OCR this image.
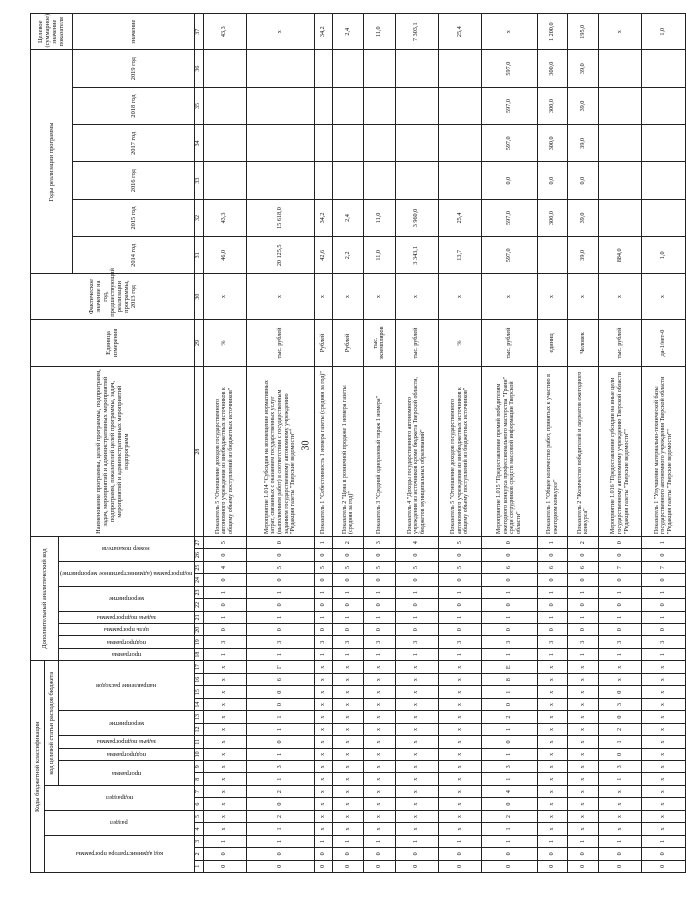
30
Коды бюджетной классификации																	Дополнительный аналитический код										Наименование программы, целей программы, подпрограмм, задач, мероприятий и административных мероприятий подпрограмм, показателей целей программы, задач, мероприятий и административных мероприятий подпрограмм	Единица измерения	Фактическое значение на год, предшествующий реализации программы, 2013 год	Годы реализации программы						Целевое (суммарное) значение показателя

код администратора программы			раздел		подраздел		код целевой статьи расходов бюджета																													

							программа		подпрограмма	задача подпрограммы	мероприятие		направление расходов				программа	подпрограмма	цель программы	задача подпрограммы	мероприятие		подпрограмма (административное мероприятие)		номер показателя											

																														2014 год	2015 год	2016 год	2017 год	2018 год	2019 год	значение
1	2	3	4	5	6	7	8	9	10	11	12	13	14	15	16	17	18	19	20	21	22	23	24	25	26	27	28	29	30	31	32	33	34	35	36	37
0	0	1	x	x	x	x	x	x	x	x	x	x	x	x	x	x	1	3	0	1	0	1	0	4	0	5	Показатель 5 "Отношение доходов государственного автономного учреждения из внебюджетных источников к общему объему поступлений из бюджетных источников"	%	x	46,0	43,3					43,3
0	0	1	1	2	0	2	1	3	1	0	1	1	0	0	6	Г	1	3	0	1	0	1	0	5	0	0	Мероприятие 1.014 "Субсидия на возмещение нормативных затрат, связанных с оказанием государственных услуг (выполнением работ) в соответствии с государственным заданием государственному автономному учреждению "Редакция газеты "Тверские ведомости""	тыс. рублей	x	20 125,5	15 618,0					x
0	0	1	x	x	x	x	x	x	x	x	x	x	x	x	x	x	1	3	0	1	0	1	0	5	0	1	Показатель 1 "Себестоимость 1 номера газеты (средняя за год)"	Рублей	x	42,6	34,2					34,2
0	0	1	x	x	x	x	x	x	x	x	x	x	x	x	x	x	1	3	0	1	0	1	0	5	0	2	Показатель 2 "Цена в розничной продаже 1 номера газеты (средняя за год)"	Рублей	x	2,2	2,4					2,4
0	0	1	x	x	x	x	x	x	x	x	x	x	x	x	x	x	1	3	0	1	0	1	0	5	0	3	Показатель 3 "Средний одноразовый тираж 1 номера"	тыс. экземпляров	x	11,0	11,0					11,0
0	0	1	x	x	x	x	x	x	x	x	x	x	x	x	x	x	1	3	0	1	0	1	0	5	0	4	Показатель 4 "Доходы государственного автономного учреждения из источников кроме бюджета Тверской области, бюджетов муниципальных образований"	тыс. рублей	x	3 343,1	3 960,0					7 303,1
0	0	1	x	x	x	x	x	x	x	x	x	x	x	x	x	x	1	3	0	1	0	1	0	5	0	5	Показатель 5 "Отношение доходов государственного автономного учреждения из внебюджетных источников к общему объему поступлений из бюджетных источников"	%	x	13,7	25,4					25,4
0	0	1	1	2	0	4	1	3	1	0	1	2	0	1	8	Е	1	3	0	1	0	1	0	6	0	0	Мероприятие 1.015 "Предоставление премий победителям ежегодного конкурса профессионального мастерства "Грани" среди сотрудников средств массовой информации Тверской области"	тыс. рублей	x	597,0	597,0	0,0	597,0	597,0	597,0	x
0	0	1	x	x	x	x	x	x	x	x	x	x	x	x	x	x	1	3	0	1	0	1	0	6	0	1	Показатель 1 "Общее количество работ, принятых к участию в ежегодном конкурсе"	единиц	x		300,0	0,0	300,0	300,0	300,0	1 200,0
0	0	1	x	x	x	x	x	x	x	x	x	x	x	x	x	x	1	3	0	1	0	1	0	6	0	2	Показатель 2 "Количество победителей и лауреатов ежегодного конкурса"	Человек	x	39,0	39,0	0,0	39,0	39,0	39,0	195,0
0	0	1	x	x	x	x	1	3	0	1	2	0	3	0	x	x	1	3	0	1	0	1	0	7	0	0	Мероприятие 1.016 "Предоставление субсидии на иные цели государственному автономному учреждению Тверской области "Редакция газеты "Тверские ведомости""	тыс. рублей	x	884,0						x
0	0	1	x	x	x	x	x	x	x	x	x	x	x	x	x	x	1	3	0	1	0	1	0	7	0	1	Показатель 1 "Улучшение материально-технической базы государственного автономного учреждения Тверской области "Редакция газеты "Тверские ведомости""	да-1/нет-0	x	1,0						1,0
